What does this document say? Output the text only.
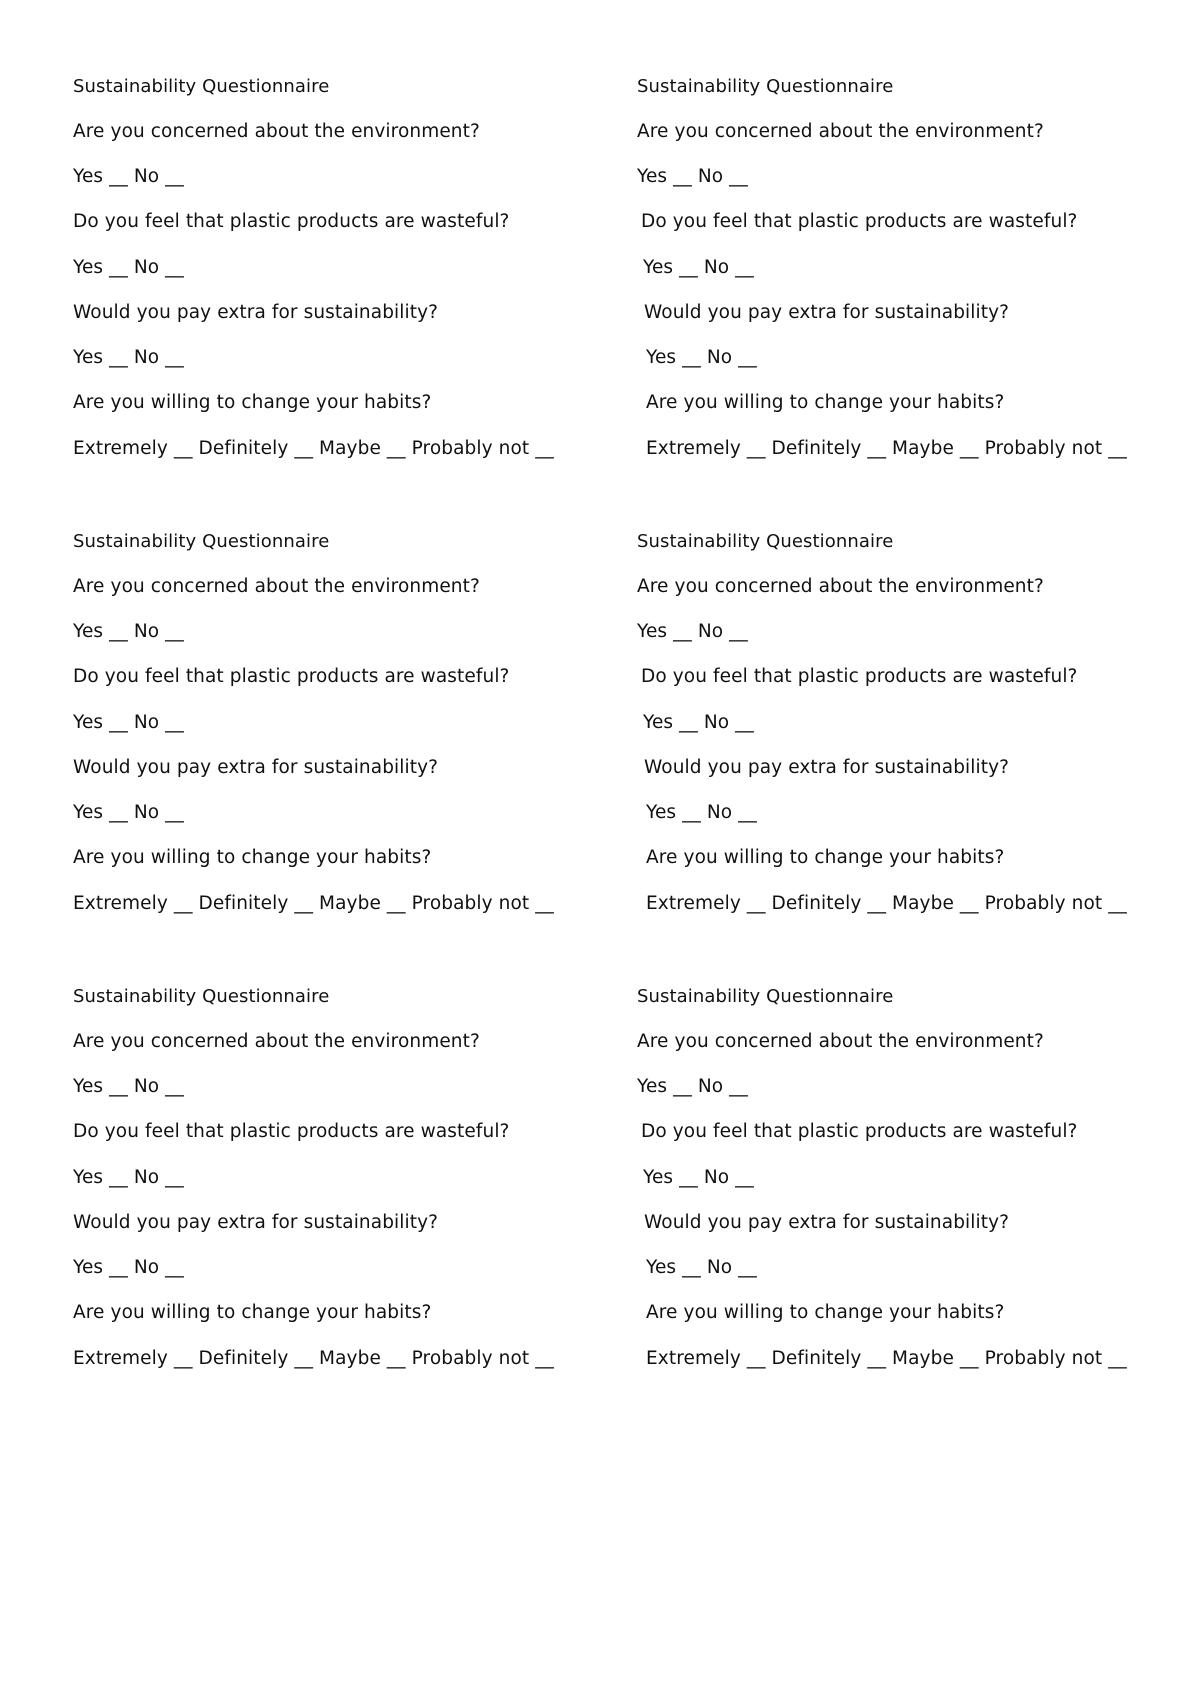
Sustainability Questionnaire
Are you concerned about the environment?
Yes __ No __
Do you feel that plastic products are wasteful?
Yes __ No __
Would you pay extra for sustainability?
Yes __ No __
Are you willing to change your habits?
Extremely __ Definitely __ Maybe __ Probably not __
Sustainability Questionnaire
Are you concerned about the environment?
Yes __ No __
Do you feel that plastic products are wasteful?
Yes __ No __
Would you pay extra for sustainability?
Yes __ No __
Are you willing to change your habits?
Extremely __ Definitely __ Maybe __ Probably not __
Sustainability Questionnaire
Are you concerned about the environment?
Yes __ No __
Do you feel that plastic products are wasteful?
Yes __ No __
Would you pay extra for sustainability?
Yes __ No __
Are you willing to change your habits?
Extremely __ Definitely __ Maybe __ Probably not __
Sustainability Questionnaire
Are you concerned about the environment?
Yes __ No __
Do you feel that plastic products are wasteful?
Yes __ No __
Would you pay extra for sustainability?
Yes __ No __
Are you willing to change your habits?
Extremely __ Definitely __ Maybe __ Probably not __
Sustainability Questionnaire
Are you concerned about the environment?
Yes __ No __
Do you feel that plastic products are wasteful?
Yes __ No __
Would you pay extra for sustainability?
Yes __ No __
Are you willing to change your habits?
Extremely __ Definitely __ Maybe __ Probably not __
Sustainability Questionnaire
Are you concerned about the environment?
Yes __ No __
Do you feel that plastic products are wasteful?
Yes __ No __
Would you pay extra for sustainability?
Yes __ No __
Are you willing to change your habits?
Extremely __ Definitely __ Maybe __ Probably not __
